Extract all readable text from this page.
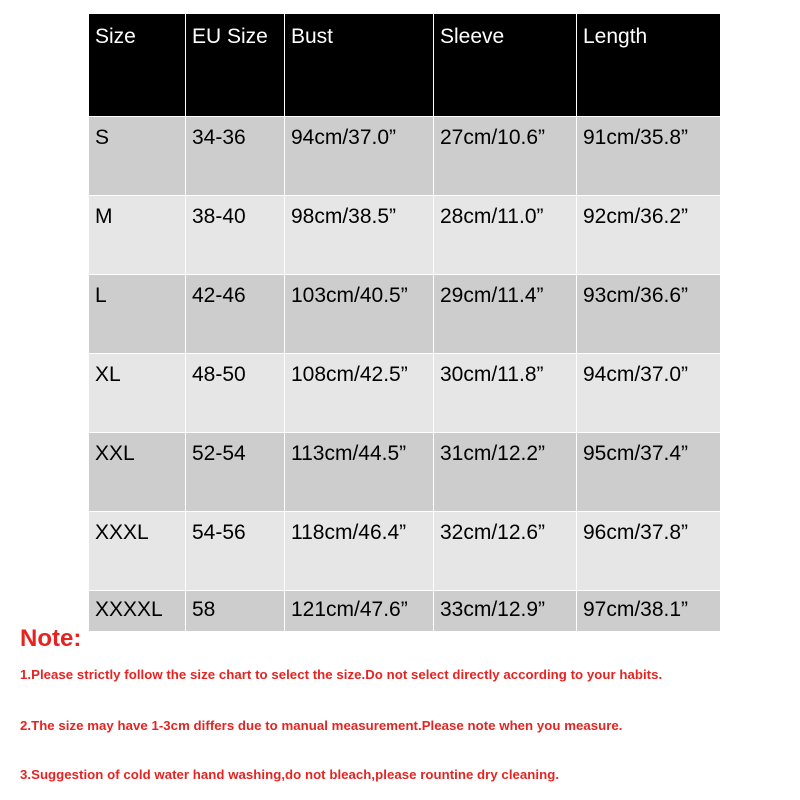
Size	EU Size	Bust	Sleeve	Length
S	34-36	94cm/37.0”	27cm/10.6”	91cm/35.8”
M	38-40	98cm/38.5”	28cm/11.0”	92cm/36.2”
L	42-46	103cm/40.5”	29cm/11.4”	93cm/36.6”
XL	48-50	108cm/42.5”	30cm/11.8”	94cm/37.0”
XXL	52-54	113cm/44.5”	31cm/12.2”	95cm/37.4”
XXXL	54-56	118cm/46.4”	32cm/12.6”	96cm/37.8”
XXXXL	58	121cm/47.6”	33cm/12.9”	97cm/38.1”

Note:

1.Please strictly follow the size chart to select the size.Do not select directly according to your habits.

2.The size may have 1-3cm differs due to manual measurement.Please note when you measure.

3.Suggestion of cold water hand washing,do not bleach,please rountine dry cleaning.
